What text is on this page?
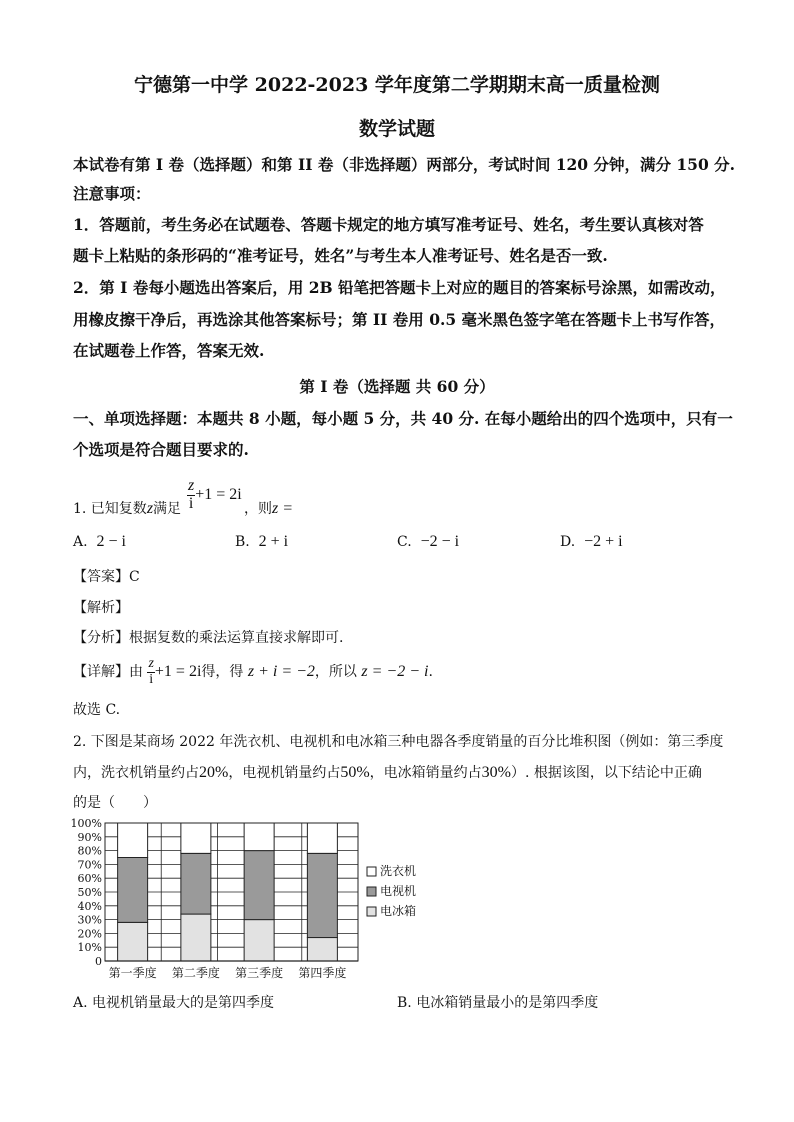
宁德第一中学 2022-2023 学年度第二学期期末高一质量检测
数学试题
本试卷有第 I 卷（选择题）和第 II 卷（非选择题）两部分，考试时间 120 分钟，满分 150 分.
注意事项：
1．答题前，考生务必在试题卷、答题卡规定的地方填写准考证号、姓名，考生要认真核对答
题卡上粘贴的条形码的“准考证号，姓名”与考生本人准考证号、姓名是否一致.
2．第 I 卷每小题选出答案后，用 2B 铅笔把答题卡上对应的题目的答案标号涂黑，如需改动，
用橡皮擦干净后，再选涂其他答案标号；第 II 卷用 0.5 毫米黑色签字笔在答题卡上书写作答，
在试题卷上作答，答案无效.
第 I 卷（选择题 共 60 分）
一、单项选择题：本题共 8 小题，每小题 5 分，共 40 分. 在每小题给出的四个选项中，只有一
个选项是符合题目要求的.
1. 已知复数z满足 $\frac{z}{i} +1 = 2i$
，则z =
A. 2 − i	B. 2 + i	C. −2 − i	D. −2 + i
【答案】C
【解析】
【分析】根据复数的乘法运算直接求解即可.
【详解】由 $\frac{z}{i} +1 = 2i$得，得 z + i = −2，所以 z = −2 − i.
故选 C.
2. 下图是某商场 2022 年洗衣机、电视机和电冰箱三种电器各季度销量的百分比堆积图（例如：第三季度
内，洗衣机销量约占20%，电视机销量约占50%，电冰箱销量约占30%）. 根据该图，以下结论中正确
的是（　　）
0
10%
20%
30%
40%
50%
60%
70%
80%
90%
100%
第一季度 第二季度 第三季度 第四季度
洗衣机
电视机
电冰箱
A. 电视机销量最大的是第四季度	B. 电冰箱销量最小的是第四季度
